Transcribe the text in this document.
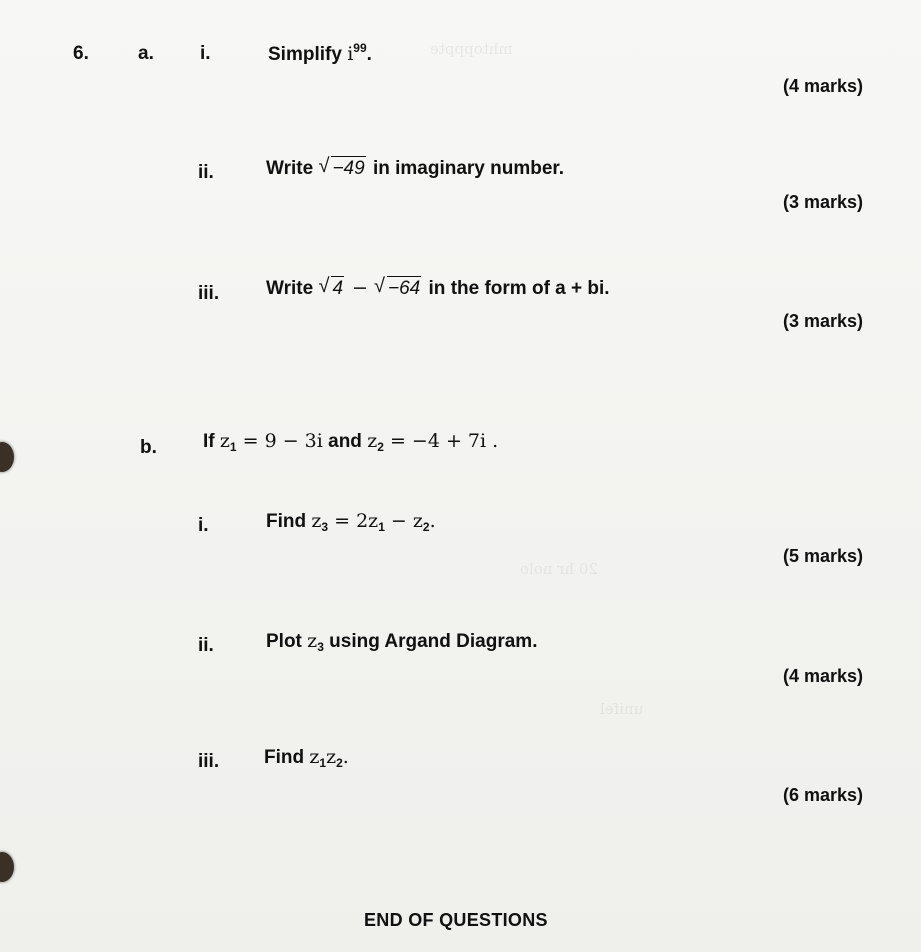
mhtopppte
20 hr nolo
unifel
6.	a. i.	Simplify $i^{99}$.
(4 marks)
ii.	Write √ −49 in imaginary number.
(3 marks)
iii. Write √ 4 − √ −64 in the form of a + bi.
(3 marks)
b. If $z_1 = 9 - 3i$ and $z_2 = -4 + 7i$ .
i.	Find $z_3 = 2z_1 - z_2$.
(5 marks)
ii.	Plot $z_3$ using Argand Diagram.
(4 marks)
iii. Find $z_1z_2$.
(6 marks)
END OF QUESTIONS
